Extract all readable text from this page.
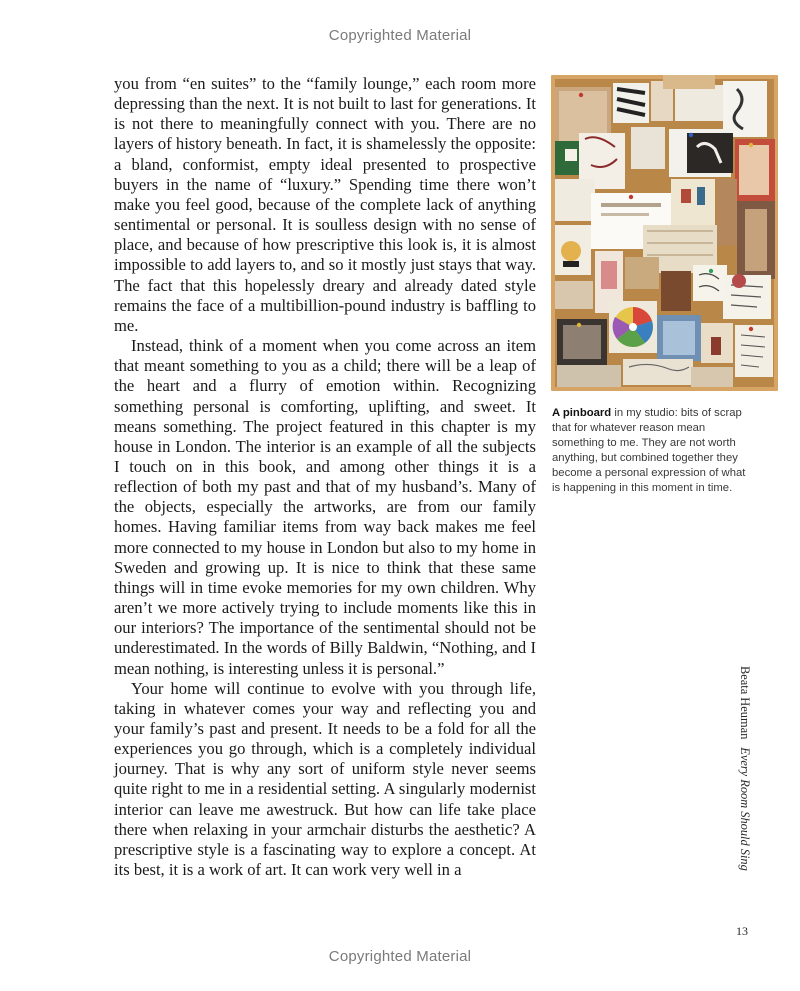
Copyrighted Material

you from “en suites” to the “family lounge,” each room more depressing than the next. It is not built to last for generations. It is not there to meaningfully connect with you. There are no layers of history beneath. In fact, it is shamelessly the opposite: a bland, conformist, empty ideal presented to prospective buyers in the name of “luxury.” Spending time there won’t make you feel good, because of the complete lack of anything sentimental or personal. It is soulless design with no sense of place, and because of how prescriptive this look is, it is almost impossible to add layers to, and so it mostly just stays that way. The fact that this hopelessly dreary and already dated style remains the face of a multibillion-pound industry is baffling to me.

Instead, think of a moment when you come across an item that meant something to you as a child; there will be a leap of the heart and a flurry of emotion within. Recognizing something personal is comforting, uplifting, and sweet. It means something. The project featured in this chapter is my house in London. The interior is an example of all the subjects I touch on in this book, and among other things it is a reflection of both my past and that of my husband’s. Many of the objects, especially the artworks, are from our family homes. Having familiar items from way back makes me feel more connected to my house in London but also to my home in Sweden and growing up. It is nice to think that these same things will in time evoke memories for my own children. Why aren’t we more actively trying to include moments like this in our interiors? The importance of the sentimental should not be underestimated. In the words of Billy Baldwin, “Nothing, and I mean nothing, is interesting unless it is personal.”

Your home will continue to evolve with you through life, taking in whatever comes your way and reflecting you and your family’s past and present. It needs to be a fold for all the experiences you go through, which is a completely individual journey. That is why any sort of uniform style never seems quite right to me in a residential setting. A singularly modernist interior can leave me awestruck. But how can life take place there when relaxing in your armchair disturbs the aesthetic? A prescriptive style is a fascinating way to explore a concept. At its best, it is a work of art. It can work very well in a

A pinboard in my studio: bits of scrap that for whatever reason mean something to me. They are not worth anything, but combined together they become a personal expression of what is happening in this moment in time.
Beata HeumanEvery Room Should Sing
13
Copyrighted Material
